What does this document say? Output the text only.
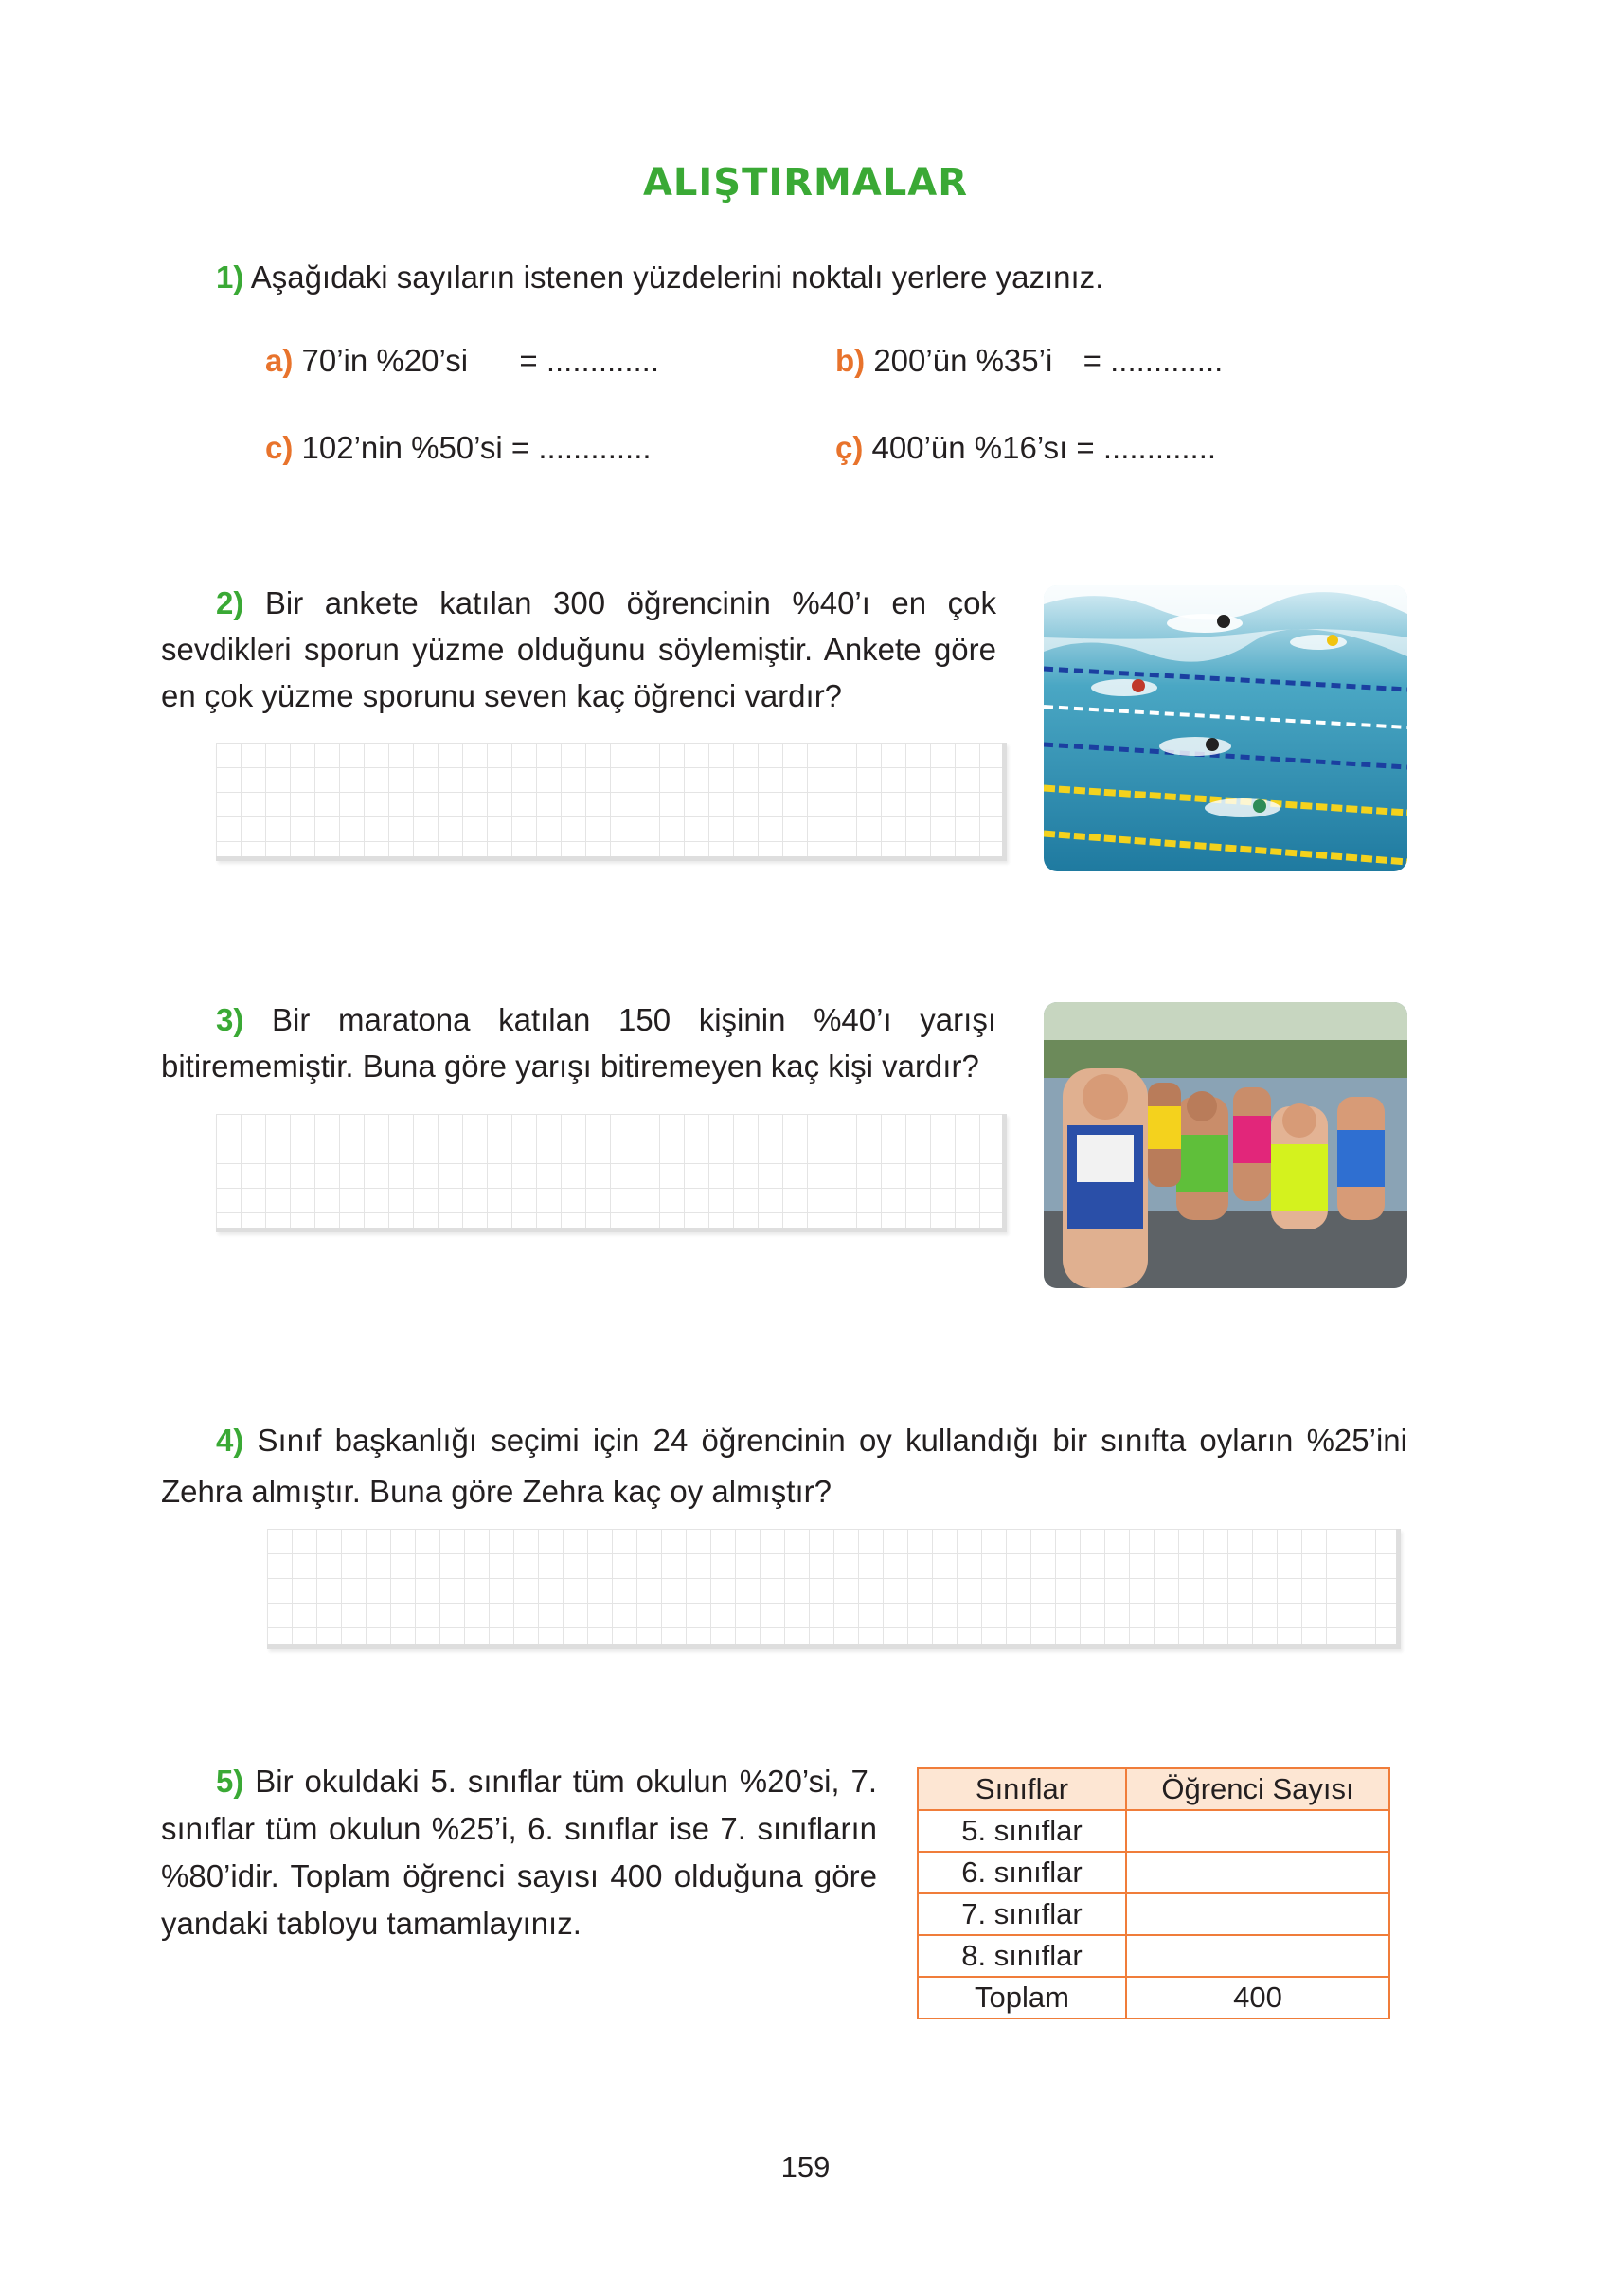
ALIŞTIRMALAR
1) Aşağıdaki sayıların istenen yüzdelerini noktalı yerlere yazınız.
a) 70’in %20’si = .............	b) 200’ün %35’i = .............
c) 102’nin %50’si = .............	ç) 400’ün %16’sı = .............
2) Bir ankete katılan 300 öğrencinin %40’ı en çok sevdikleri sporun yüzme olduğunu söylemiştir. Ankete göre en çok yüzme sporunu seven kaç öğrenci vardır?
3) Bir maratona katılan 150 kişinin %40’ı yarışı bitirememiştir. Buna göre yarışı bitiremeyen kaç kişi vardır?
4) Sınıf başkanlığı seçimi için 24 öğrencinin oy kullandığı bir sınıfta oyların %25’ini Zehra almıştır. Buna göre Zehra kaç oy almıştır?
5) Bir okuldaki 5. sınıflar tüm okulun %20’si, 7. sınıflar tüm okulun %25’i, 6. sınıflar ise 7. sınıfların %80’idir. Toplam öğrenci sayısı 400 olduğuna göre yandaki tabloyu tamamlayınız.
Sınıflar	Öğrenci Sayısı
5. sınıflar	
6. sınıflar	
7. sınıflar	
8. sınıflar	
Toplam	400
159
